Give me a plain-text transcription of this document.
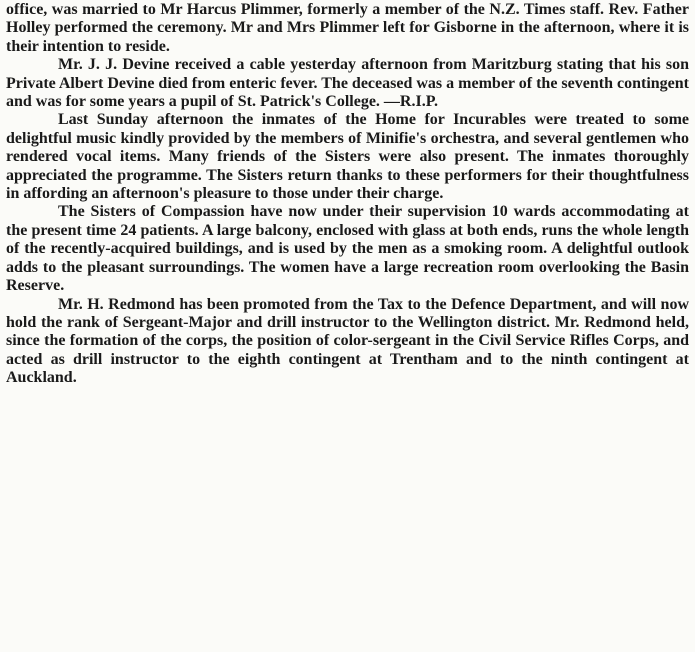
office, was married to Mr Harcus Plimmer, formerly a member of the N.Z. Times staff. Rev. Father Holley performed the ceremony. Mr and Mrs Plimmer left for Gisborne in the afternoon, where it is their intention to reside.

Mr. J. J. Devine received a cable yesterday afternoon from Maritzburg stating that his son Private Albert Devine died from enteric fever. The deceased was a member of the seventh contingent and was for some years a pupil of St. Patrick's College. —R.I.P.

Last Sunday afternoon the inmates of the Home for Incurables were treated to some delightful music kindly provided by the members of Minifie's orchestra, and several gentlemen who rendered vocal items. Many friends of the Sisters were also present. The inmates thoroughly appreciated the programme. The Sisters return thanks to these performers for their thoughtfulness in affording an afternoon's pleasure to those under their charge.

The Sisters of Compassion have now under their supervision 10 wards accommodating at the present time 24 patients. A large balcony, enclosed with glass at both ends, runs the whole length of the recently-acquired buildings, and is used by the men as a smoking room. A delightful outlook adds to the pleasant surroundings. The women have a large recreation room overlooking the Basin Reserve.

Mr. H. Redmond has been promoted from the Tax to the Defence Department, and will now hold the rank of Sergeant-Major and drill instructor to the Wellington district. Mr. Redmond held, since the formation of the corps, the position of color-sergeant in the Civil Service Rifles Corps, and acted as drill instructor to the eighth contingent at Trentham and to the ninth contingent at Auckland.
